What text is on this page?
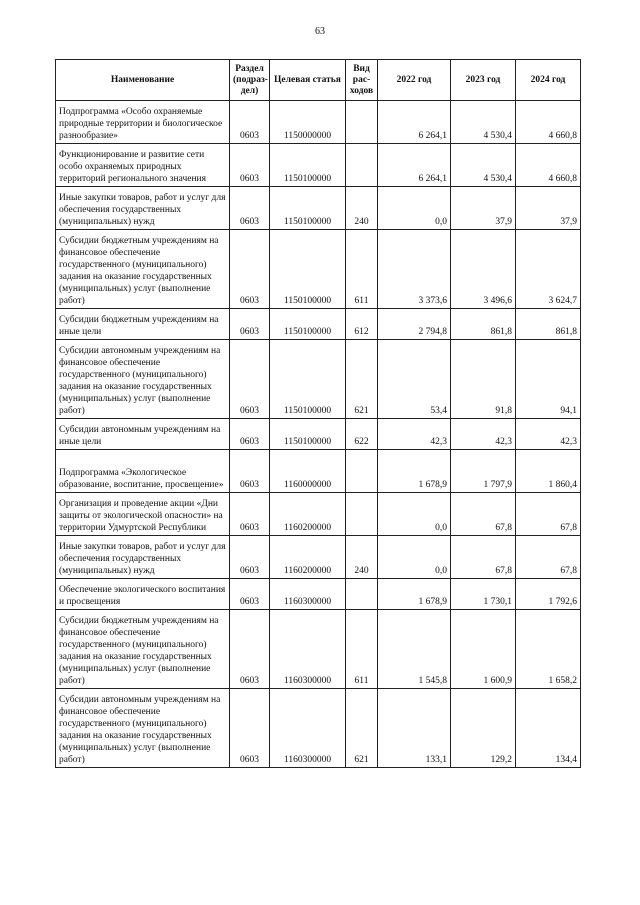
63
Наименование	Раздел (подраз-дел)	Целевая статья	Вид рас-ходов	2022 год	2023 год	2024 год
Подпрограмма «Особо охраняемые природные территории и биологическое разнообразие»	0603	1150000000		6 264,1	4 530,4	4 660,8
Функционирование и развитие сети особо охраняемых природных территорий регионального значения	0603	1150100000		6 264,1	4 530,4	4 660,8
Иные закупки товаров, работ и услуг для обеспечения государственных (муниципальных) нужд	0603	1150100000	240	0,0	37,9	37,9
Субсидии бюджетным учреждениям на финансовое обеспечение государственного (муниципального) задания на оказание государственных (муниципальных) услуг (выполнение работ)	0603	1150100000	611	3 373,6	3 496,6	3 624,7
Субсидии бюджетным учреждениям на иные цели	0603	1150100000	612	2 794,8	861,8	861,8
Субсидии автономным учреждениям на финансовое обеспечение государственного (муниципального) задания на оказание государственных (муниципальных) услуг (выполнение работ)	0603	1150100000	621	53,4	91,8	94,1
Субсидии автономным учреждениям на иные цели	0603	1150100000	622	42,3	42,3	42,3
Подпрограмма «Экологическое образование, воспитание, просвещение»	0603	1160000000		1 678,9	1 797,9	1 860,4
Организация и проведение акции «Дни защиты от экологической опасности» на территории Удмуртской Республики	0603	1160200000		0,0	67,8	67,8
Иные закупки товаров, работ и услуг для обеспечения государственных (муниципальных) нужд	0603	1160200000	240	0,0	67,8	67,8
Обеспечение экологического воспитания и просвещения	0603	1160300000		1 678,9	1 730,1	1 792,6
Субсидии бюджетным учреждениям на финансовое обеспечение государственного (муниципального) задания на оказание государственных (муниципальных) услуг (выполнение работ)	0603	1160300000	611	1 545,8	1 600,9	1 658,2
Субсидии автономным учреждениям на финансовое обеспечение государственного (муниципального) задания на оказание государственных (муниципальных) услуг (выполнение работ)	0603	1160300000	621	133,1	129,2	134,4
